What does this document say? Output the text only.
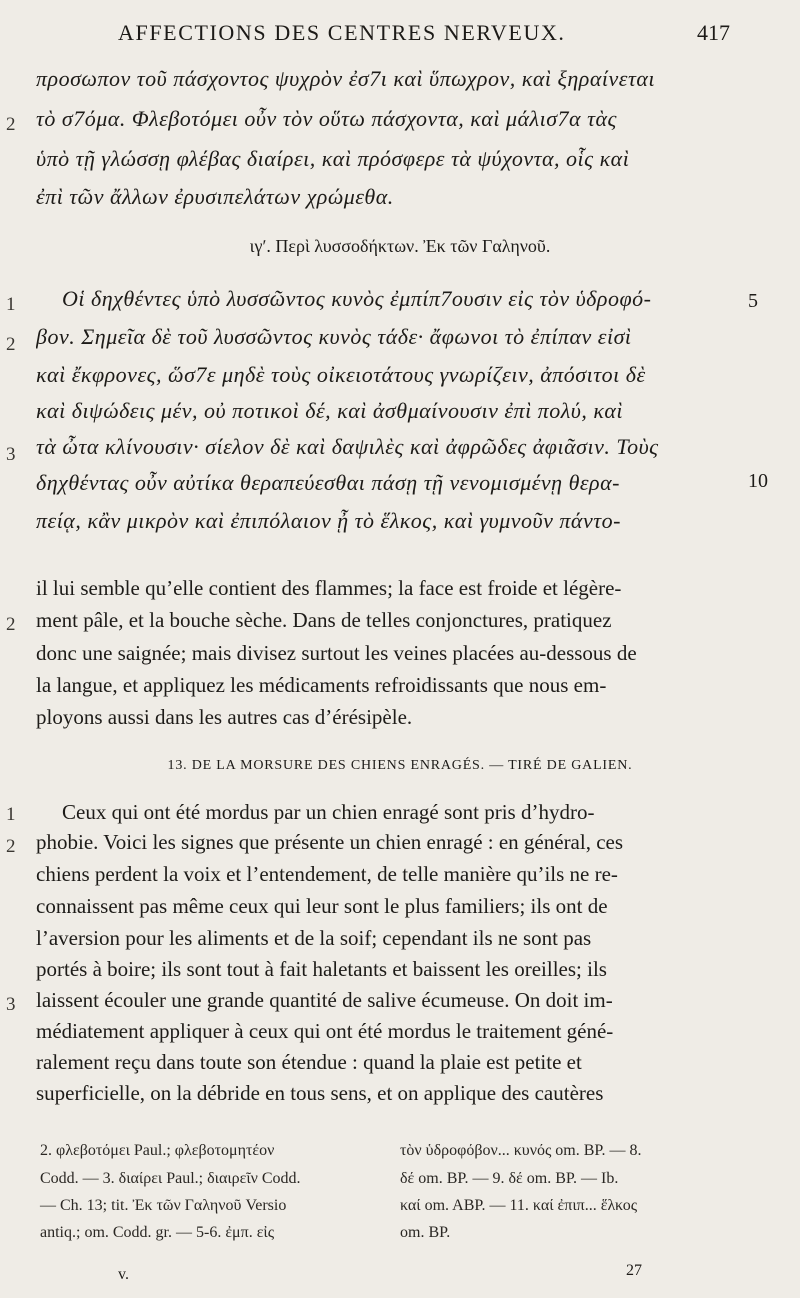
AFFECTIONS DES CENTRES NERVEUX.	417
προσωπον τοῦ πάσχοντος ψυχρὸν ἐσ7ι καὶ ὕπωχρον, καὶ ξηραίνεται
τὸ σ7όμα. Φλεβοτόμει οὖν τὸν οὕτω πάσχοντα, καὶ μάλισ7α τὰς
ὑπὸ τῇ γλώσσῃ φλέβας διαίρει, καὶ πρόσφερε τὰ ψύχοντα, οἷς καὶ
ἐπὶ τῶν ἄλλων ἐρυσιπελάτων χρώμεθα.
2
ιγʹ. Περὶ λυσσοδήκτων. Ἐκ τῶν Γαληνοῦ.
Οἱ δηχθέντες ὑπὸ λυσσῶντος κυνὸς ἐμπίπ7ουσιν εἰς τὸν ὑδροφό-
βον. Σημεῖα δὲ τοῦ λυσσῶντος κυνὸς τάδε· ἄφωνοι τὸ ἐπίπαν εἰσὶ
καὶ ἔκφρονες, ὥσ7ε μηδὲ τοὺς οἰκειοτάτους γνωρίζειν, ἀπόσιτοι δὲ
καὶ διψώδεις μέν, οὐ ποτικοὶ δέ, καὶ ἀσθμαίνουσιν ἐπὶ πολύ, καὶ
τὰ ὦτα κλίνουσιν· σίελον δὲ καὶ δαψιλὲς καὶ ἀφρῶδες ἀφιᾶσιν. Τοὺς
δηχθέντας οὖν αὐτίκα θεραπεύεσθαι πάσῃ τῇ νενομισμένῃ θερα-
πείᾳ, κἂν μικρὸν καὶ ἐπιπόλαιον ᾖ τὸ ἕλκος, καὶ γυμνοῦν πάντο-
1
2
3
5
10
il lui semble qu’elle contient des flammes; la face est froide et légère-
ment pâle, et la bouche sèche. Dans de telles conjonctures, pratiquez
donc une saignée; mais divisez surtout les veines placées au-dessous de
la langue, et appliquez les médicaments refroidissants que nous em-
ployons aussi dans les autres cas d’érésipèle.
2
13. DE LA MORSURE DES CHIENS ENRAGÉS. — TIRÉ DE GALIEN.
Ceux qui ont été mordus par un chien enragé sont pris d’hydro-
phobie. Voici les signes que présente un chien enragé : en général, ces
chiens perdent la voix et l’entendement, de telle manière qu’ils ne re-
connaissent pas même ceux qui leur sont le plus familiers; ils ont de
l’aversion pour les aliments et de la soif; cependant ils ne sont pas
portés à boire; ils sont tout à fait haletants et baissent les oreilles; ils
laissent écouler une grande quantité de salive écumeuse. On doit im-
médiatement appliquer à ceux qui ont été mordus le traitement géné-
ralement reçu dans toute son étendue : quand la plaie est petite et
superficielle, on la débride en tous sens, et on applique des cautères
1
2
3
2. φλεβοτόμει Paul.; φλεβοτομητέον
Codd. — 3. διαίρει Paul.; διαιρεῖν Codd.
— Ch. 13; tit. Ἐκ τῶν Γαληνοῦ Versio
antiq.; om. Codd. gr. — 5-6. ἐμπ. εἰς
τὸν ὑδροφόβον... κυνός om. BP. — 8.
δέ om. BP. — 9. δέ om. BP. — Ib.
καί om. ABP. — 11. καί ἐπιπ... ἕλκος
om. BP.
v.	27
